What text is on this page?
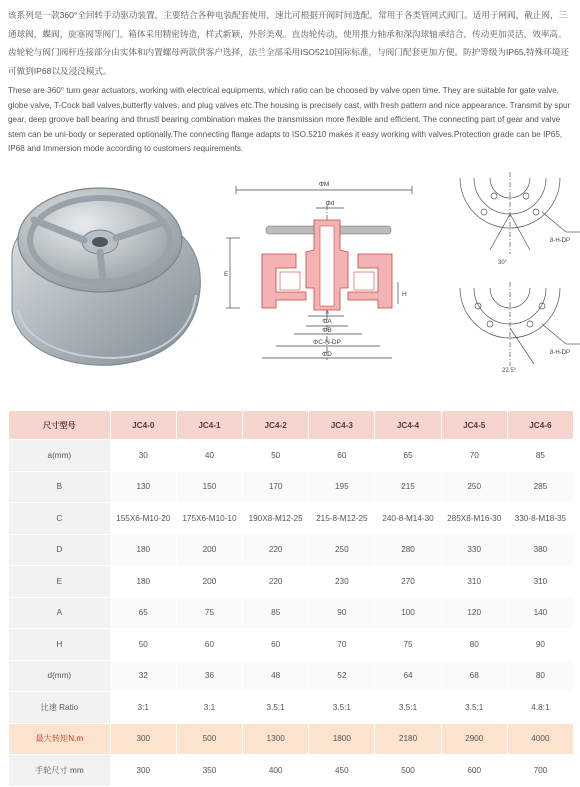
该系列是一款360°全回转手动驱动装置，主要结合各种电装配套使用，速比可根据开阀时间选配，常用于各类管网式阀门。适用于闸阀，截止阀，三通球阀，蝶阀，旋塞阀等阀门。箱体采用精密铸造，样式新颖，外形美观。直齿轮传动，使用推力轴承和深沟球轴承结合，传动更加灵活，效率高。齿轮轮与阀门阀杆连接部分由实体和内置螺母两款供客户选择，法兰全部采用ISO5210国际标准，与阀门配套更加方便。防护等级为IP65,特殊环境还可做到IP68以及浸没模式。

These are 360° turn gear actuators, working with electrical equipments, which ratio can be choosed by valve open time. They are suitable for gate valve, globe valve, T-Cock ball valves,butterfly valves, and plug valves etc.The housing is precisely cast, with fresh pattern and nice appearance. Transmit by spur gear, deep groove ball bearing and thrustl bearing combination makes the transmission more flexible and efficient. The connecting part of gear and valve stem can be uni-body or seperated optionally.The connecting flange adapts to ISO.5210 makes it easy working with valves.Protection grade can be IP65, IP68 and Immersion mode according to customers requirements.

ΦM
Φd
E
H
a
ΦA
ΦB
ΦC-N-DP
ΦD
30°
8-H-DP
8-H-DP
22.5°
尺寸型号	JC4-0	JC4-1	JC4-2	JC4-3	JC4-4	JC4-5	JC4-6
a(mm)	30	40	50	60	65	70	85
B	130	150	170	195	215	250	285
C	155X6-M10-20	175X6-M10-10	190X8-M12-25	215-8-M12-25	240-8-M14-30	285X8-M16-30	330-8-M18-35
D	180	200	220	250	280	330	380
E	180	200	220	230	270	310	310
A	65	75	85	90	100	120	140
H	50	60	60	70	75	80	90
d(mm)	32	36	48	52	64	68	80
比速 Ratio	3:1	3:1	3.5:1	3.5:1	3.5:1	3.5:1	4.8:1
最大转矩N.m	300	500	1300	1800	2180	2900	4000
手轮尺寸 mm	300	350	400	450	500	600	700
